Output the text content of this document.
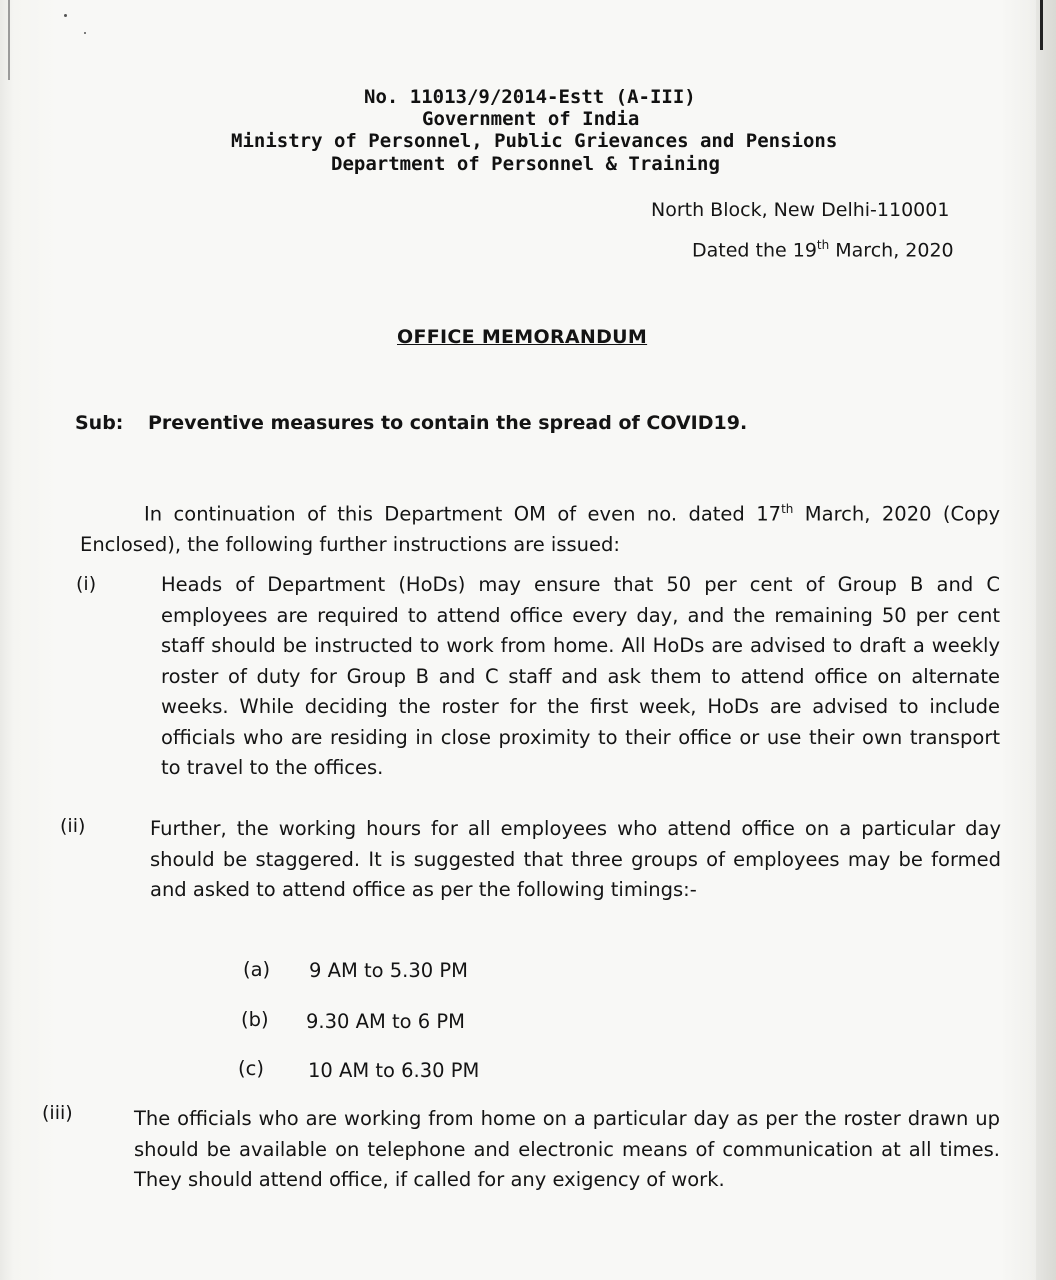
No. 11013/9/2014-Estt (A-III)
Government of India
Ministry of Personnel, Public Grievances and Pensions
Department of Personnel & Training
North Block, New Delhi-110001
Dated the 19th March, 2020
OFFICE MEMORANDUM
Sub: Preventive measures to contain the spread of COVID19.
In continuation of this Department OM of even no. dated 17th March, 2020 (Copy Enclosed), the following further instructions are issued:
(i)	Heads of Department (HoDs) may ensure that 50 per cent of Group B and C employees are required to attend office every day, and the remaining 50 per cent staff should be instructed to work from home. All HoDs are advised to draft a weekly roster of duty for Group B and C staff and ask them to attend office on alternate weeks. While deciding the roster for the first week, HoDs are advised to include officials who are residing in close proximity to their office or use their own transport to travel to the offices.
(ii)	Further, the working hours for all employees who attend office on a particular day should be staggered. It is suggested that three groups of employees may be formed and asked to attend office as per the following timings:-
(a) 9 AM to 5.30 PM
(b) 9.30 AM to 6 PM
(c) 10 AM to 6.30 PM
(iii)	The officials who are working from home on a particular day as per the roster drawn up should be available on telephone and electronic means of communication at all times. They should attend office, if called for any exigency of work.
